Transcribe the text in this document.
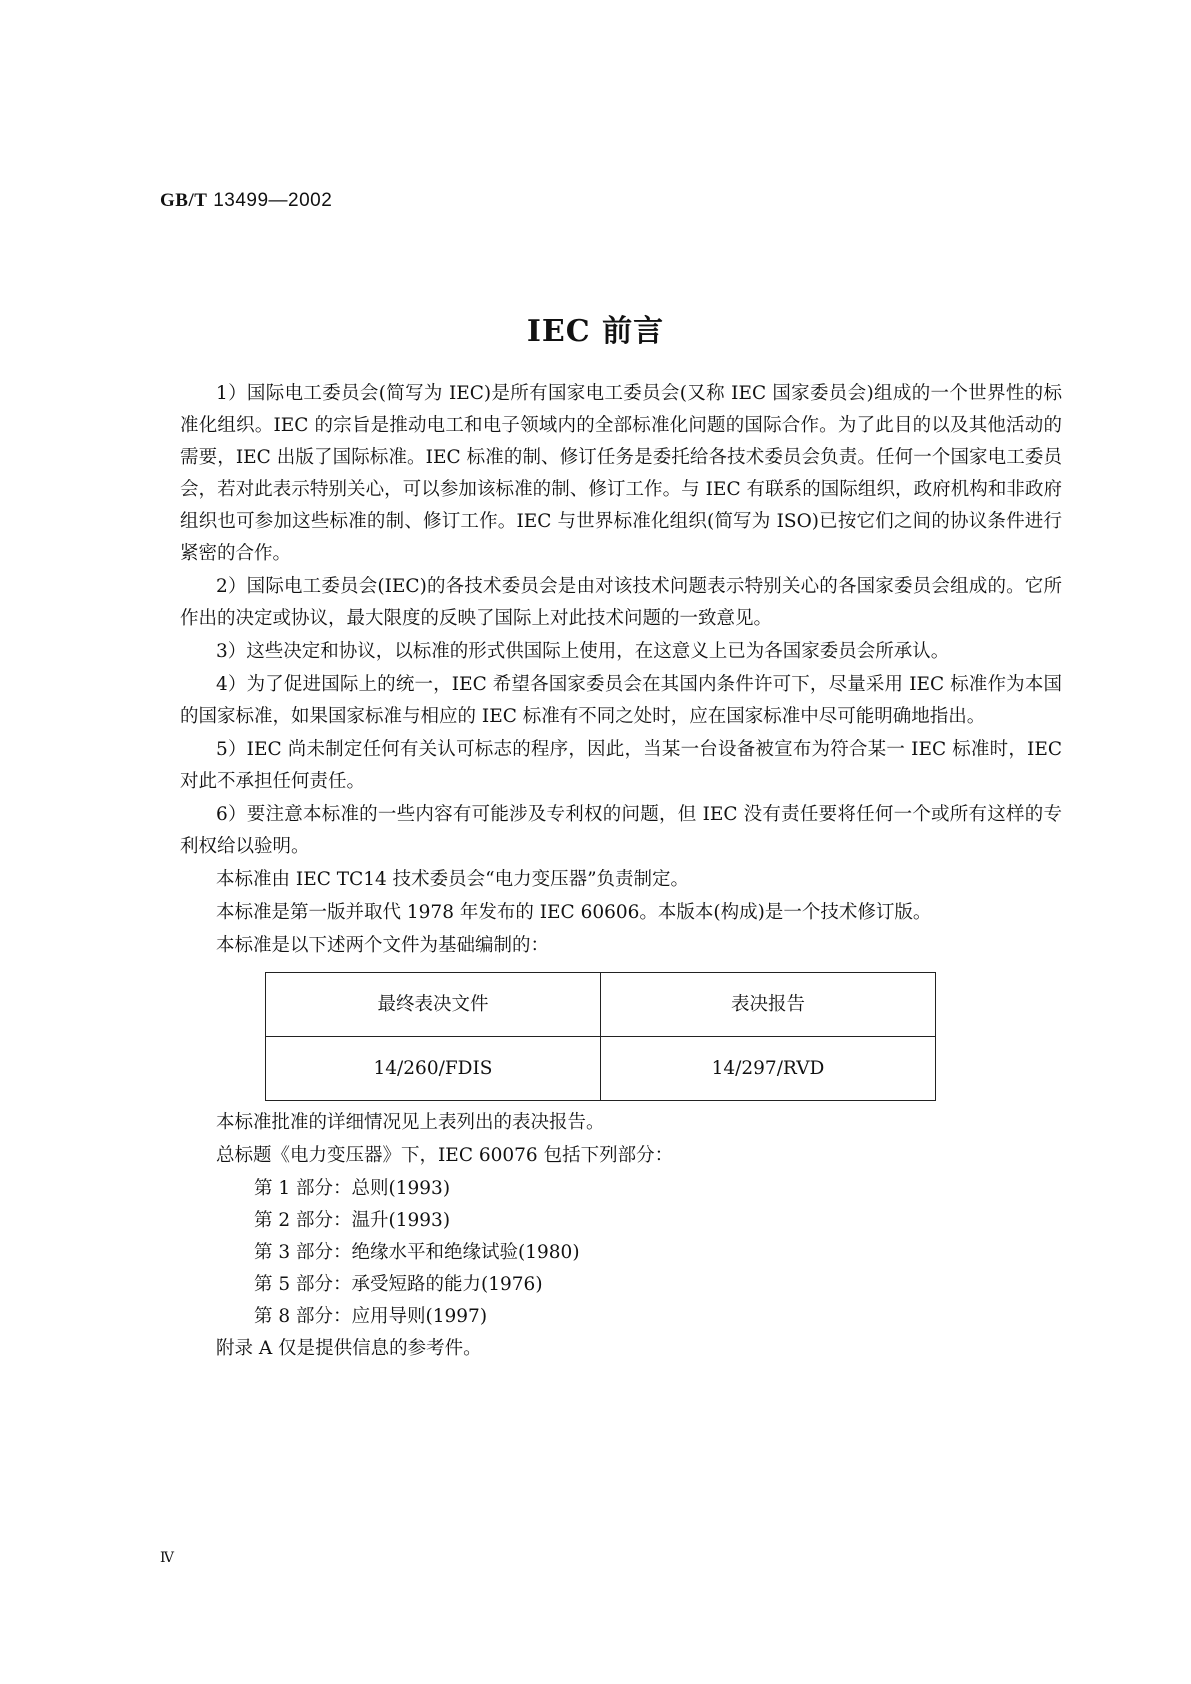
GB/T 13499—2002
IEC 前言

1）国际电工委员会(简写为 IEC)是所有国家电工委员会(又称 IEC 国家委员会)组成的一个世界性的标准化组织。IEC 的宗旨是推动电工和电子领域内的全部标准化问题的国际合作。为了此目的以及其他活动的需要，IEC 出版了国际标准。IEC 标准的制、修订任务是委托给各技术委员会负责。任何一个国家电工委员会，若对此表示特别关心，可以参加该标准的制、修订工作。与 IEC 有联系的国际组织，政府机构和非政府组织也可参加这些标准的制、修订工作。IEC 与世界标准化组织(简写为 ISO)已按它们之间的协议条件进行紧密的合作。

2）国际电工委员会(IEC)的各技术委员会是由对该技术问题表示特别关心的各国家委员会组成的。它所作出的决定或协议，最大限度的反映了国际上对此技术问题的一致意见。

3）这些决定和协议，以标准的形式供国际上使用，在这意义上已为各国家委员会所承认。

4）为了促进国际上的统一，IEC 希望各国家委员会在其国内条件许可下，尽量采用 IEC 标准作为本国的国家标准，如果国家标准与相应的 IEC 标准有不同之处时，应在国家标准中尽可能明确地指出。

5）IEC 尚未制定任何有关认可标志的程序，因此，当某一台设备被宣布为符合某一 IEC 标准时，IEC 对此不承担任何责任。

6）要注意本标准的一些内容有可能涉及专利权的问题，但 IEC 没有责任要将任何一个或所有这样的专利权给以验明。

本标准由 IEC TC14 技术委员会“电力变压器”负责制定。

本标准是第一版并取代 1978 年发布的 IEC 60606。本版本(构成)是一个技术修订版。

本标准是以下述两个文件为基础编制的：

最终表决文件	表决报告
14/260/FDIS	14/297/RVD

本标准批准的详细情况见上表列出的表决报告。

总标题《电力变压器》下，IEC 60076 包括下列部分：

第 1 部分：总则(1993)
第 2 部分：温升(1993)
第 3 部分：绝缘水平和绝缘试验(1980)
第 5 部分：承受短路的能力(1976)
第 8 部分：应用导则(1997)

附录 A 仅是提供信息的参考件。

Ⅳ
